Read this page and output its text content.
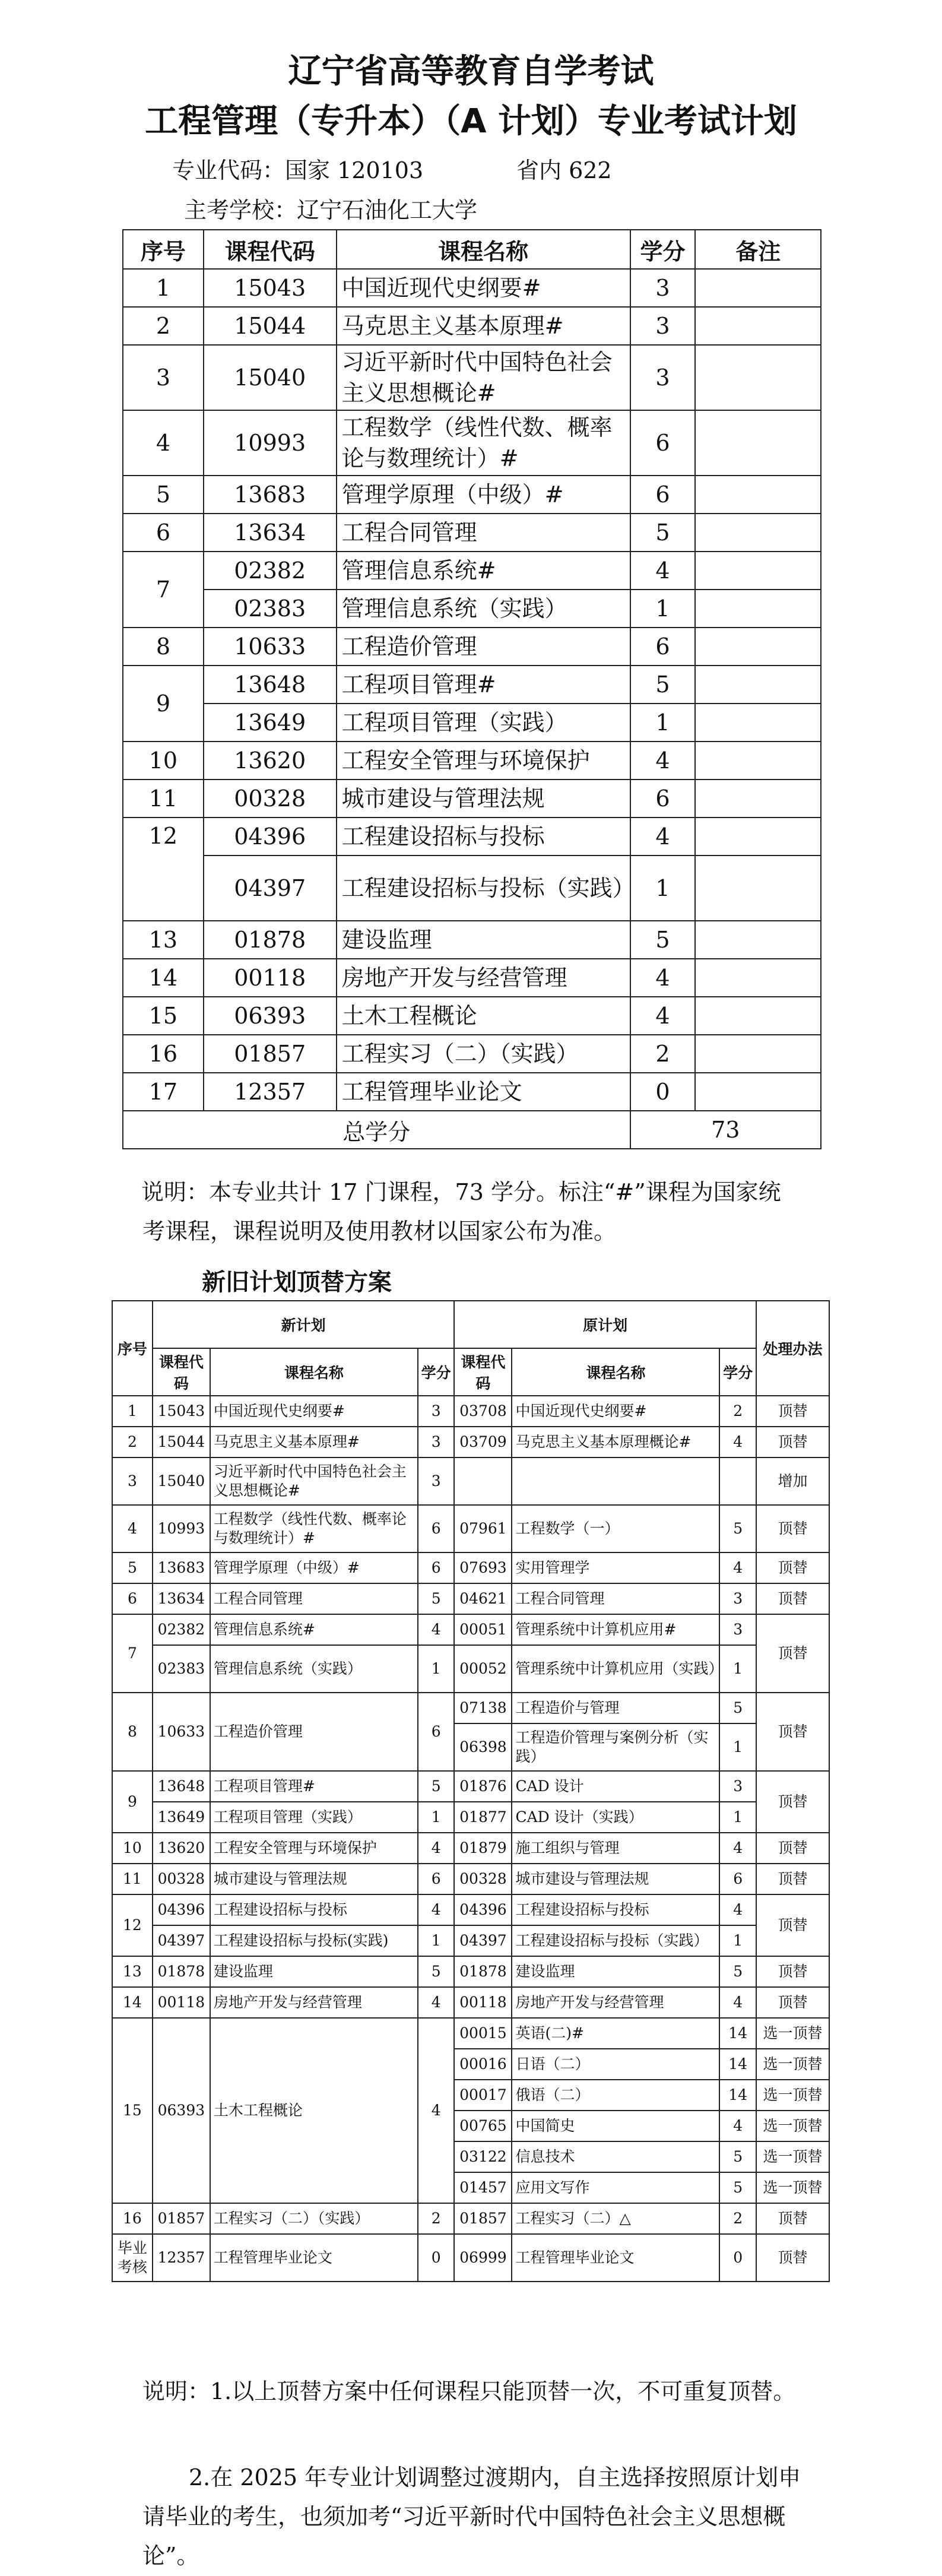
辽宁省高等教育自学考试
工程管理（专升本）（A 计划）专业考试计划
专业代码：国家 120103	省内 622
主考学校：辽宁石油化工大学
序号	课程代码	课程名称	学分	备注
1	15043	中国近现代史纲要#	3	
2	15044	马克思主义基本原理#	3	
3	15040	习近平新时代中国特色社会主义思想概论#	3	
4	10993	工程数学（线性代数、概率论与数理统计）#	6	
5	13683	管理学原理（中级）#	6	
6	13634	工程合同管理	5	
7	02382	管理信息系统#	4	
	02383	管理信息系统（实践）	1	
8	10633	工程造价管理	6	
9	13648	工程项目管理#	5	
	13649	工程项目管理（实践）	1	
10	13620	工程安全管理与环境保护	4	
11	00328	城市建设与管理法规	6	
12	04396	工程建设招标与投标	4	
	04397	工程建设招标与投标（实践）	1	
13	01878	建设监理	5	
14	00118	房地产开发与经营管理	4	
15	06393	土木工程概论	4	
16	01857	工程实习（二）（实践）	2	
17	12357	工程管理毕业论文	0	
总学分			73	
说明：本专业共计 17 门课程，73 学分。标注“#”课程为国家统考课程，课程说明及使用教材以国家公布为准。
新旧计划顶替方案
序号	新计划			原计划			处理办法
	课程代码	课程名称	学分	课程代码	课程名称	学分	
1	15043	中国近现代史纲要#	3	03708	中国近现代史纲要#	2	顶替
2	15044	马克思主义基本原理#	3	03709	马克思主义基本原理概论#	4	顶替
3	15040	习近平新时代中国特色社会主义思想概论#	3				增加
4	10993	工程数学（线性代数、概率论与数理统计）#	6	07961	工程数学（一）	5	顶替
5	13683	管理学原理（中级）#	6	07693	实用管理学	4	顶替
6	13634	工程合同管理	5	04621	工程合同管理	3	顶替
7	02382	管理信息系统#	4	00051	管理系统中计算机应用#	3	顶替
	02383	管理信息系统（实践）	1	00052	管理系统中计算机应用（实践）	1	
8	10633	工程造价管理	6	07138	工程造价与管理	5	顶替
				06398	工程造价管理与案例分析（实践）	1	
9	13648	工程项目管理#	5	01876	CAD 设计	3	顶替
	13649	工程项目管理（实践）	1	01877	CAD 设计（实践）	1	
10	13620	工程安全管理与环境保护	4	01879	施工组织与管理	4	顶替
11	00328	城市建设与管理法规	6	00328	城市建设与管理法规	6	顶替
12	04396	工程建设招标与投标	4	04396	工程建设招标与投标	4	顶替
	04397	工程建设招标与投标(实践)	1	04397	工程建设招标与投标（实践）	1	
13	01878	建设监理	5	01878	建设监理	5	顶替
14	00118	房地产开发与经营管理	4	00118	房地产开发与经营管理	4	顶替
15	06393	土木工程概论	4	00015	英语(二)#	14	选一顶替
				00016	日语（二）	14	选一顶替
				00017	俄语（二）	14	选一顶替
				00765	中国简史	4	选一顶替
				03122	信息技术	5	选一顶替
				01457	应用文写作	5	选一顶替
16	01857	工程实习（二）（实践）	2	01857	工程实习（二）△	2	顶替
毕业考核	12357	工程管理毕业论文	0	06999	工程管理毕业论文	0	顶替
说明：1.以上顶替方案中任何课程只能顶替一次，不可重复顶替。
2.在 2025 年专业计划调整过渡期内，自主选择按照原计划申请毕业的考生，也须加考“习近平新时代中国特色社会主义思想概论”。
